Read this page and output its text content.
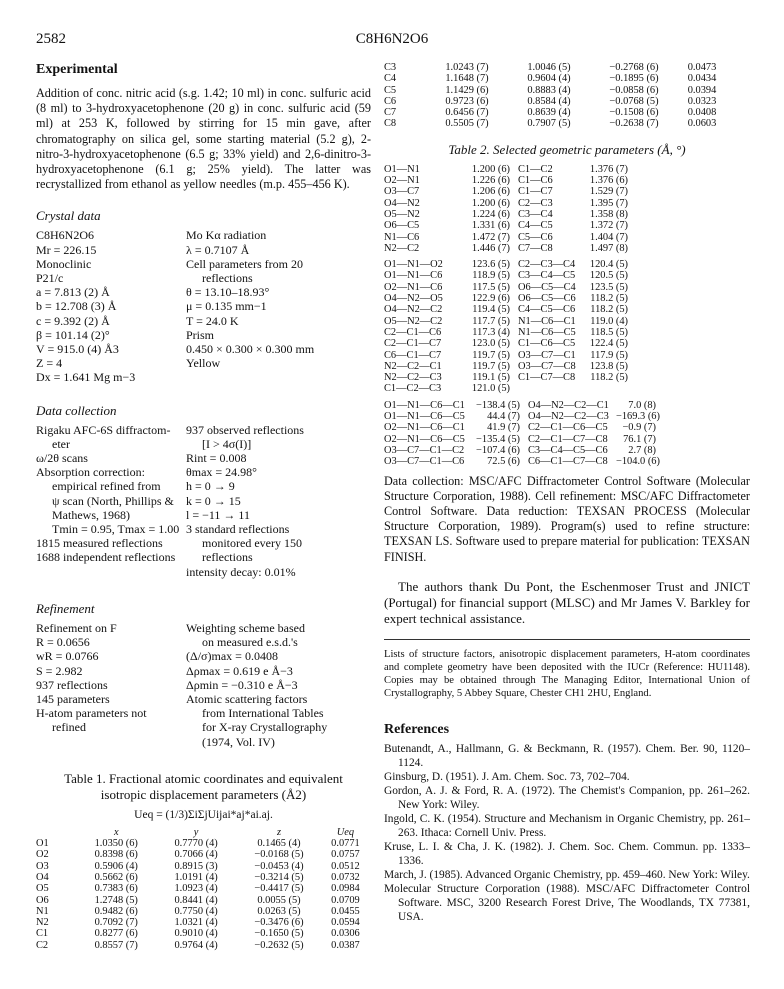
2582	C8H6N2O6
Experimental

Addition of conc. nitric acid (s.g. 1.42; 10 ml) in conc. sulfuric acid (8 ml) to 3-hydroxyacetophenone (20 g) in conc. sulfuric acid (59 ml) at 253 K, followed by stirring for 15 min gave, after chromatography on silica gel, some starting material (5.2 g), 2-nitro-3-hydroxyacetophenone (6.5 g; 33% yield) and 2,6-dinitro-3-hydroxyacetophenone (6.1 g; 25% yield). The latter was recrystallized from ethanol as yellow needles (m.p. 455–456 K).

Crystal data
C8H6N2O6
Mr = 226.15
Monoclinic
P21/c
a = 7.813 (2) Å
b = 12.708 (3) Å
c = 9.392 (2) Å
β = 101.14 (2)°
V = 915.0 (4) Å3
Z = 4
Dx = 1.641 Mg m−3
Mo Kα radiation
λ = 0.7107 Å
Cell parameters from 20
reflections
θ = 13.10–18.93°
μ = 0.135 mm−1
T = 24.0 K
Prism
0.450 × 0.300 × 0.300 mm
Yellow
Data collection
Rigaku AFC-6S diffractom-
eter
ω/2θ scans
Absorption correction:
empirical refined from
ψ scan (North, Phillips &
Mathews, 1968)
Tmin = 0.95, Tmax = 1.00
1815 measured reflections
1688 independent reflections
937 observed reflections
[I > 4σ(I)]
Rint = 0.008
θmax = 24.98°
h = 0 → 9
k = 0 → 15
l = −11 → 11
3 standard reflections
monitored every 150
reflections
intensity decay: 0.01%
Refinement
Refinement on F
R = 0.0656
wR = 0.0766
S = 2.982
937 reflections
145 parameters
H-atom parameters not
refined
Weighting scheme based
on measured e.s.d.'s
(Δ/σ)max = 0.0408
Δρmax = 0.619 e Å−3
Δρmin = −0.310 e Å−3
Atomic scattering factors
from International Tables
for X-ray Crystallography
(1974, Vol. IV)
Table 1. Fractional atomic coordinates and equivalent
isotropic displacement parameters (Å2)
Ueq = (1/3)ΣiΣjUijai*aj*ai.aj.
	x	y	z	Ueq
O1	1.0350 (6)	0.7770 (4)	0.1465 (4)	0.0771
O2	0.8398 (6)	0.7066 (4)	−0.0168 (5)	0.0757
O3	0.5906 (4)	0.8915 (3)	−0.0453 (4)	0.0512
O4	0.5662 (6)	1.0191 (4)	−0.3214 (5)	0.0732
O5	0.7383 (6)	1.0923 (4)	−0.4417 (5)	0.0984
O6	1.2748 (5)	0.8441 (4)	0.0055 (5)	0.0709
N1	0.9482 (6)	0.7750 (4)	0.0263 (5)	0.0455
N2	0.7092 (7)	1.0321 (4)	−0.3476 (6)	0.0594
C1	0.8277 (6)	0.9010 (4)	−0.1650 (5)	0.0306
C2	0.8557 (7)	0.9764 (4)	−0.2632 (5)	0.0387
C3	1.0243 (7)	1.0046 (5)	−0.2768 (6)	0.0473
C4	1.1648 (7)	0.9604 (4)	−0.1895 (6)	0.0434
C5	1.1429 (6)	0.8883 (4)	−0.0858 (6)	0.0394
C6	0.9723 (6)	0.8584 (4)	−0.0768 (5)	0.0323
C7	0.6456 (7)	0.8639 (4)	−0.1508 (6)	0.0408
C8	0.5505 (7)	0.7907 (5)	−0.2638 (7)	0.0603
Table 2. Selected geometric parameters (Å, °)
O1—N1	1.200 (6) C1—C2	1.376 (7)
O2—N1	1.226 (6) C1—C6	1.376 (6)
O3—C7	1.206 (6) C1—C7	1.529 (7)
O4—N2	1.200 (6) C2—C3	1.395 (7)
O5—N2	1.224 (6) C3—C4	1.358 (8)
O6—C5	1.331 (6) C4—C5	1.372 (7)
N1—C6	1.472 (7) C5—C6	1.404 (7)
N2—C2	1.446 (7) C7—C8	1.497 (8)
O1—N1—O2	123.6 (5) C2—C3—C4	120.4 (5)
O1—N1—C6	118.9 (5) C3—C4—C5	120.5 (5)
O2—N1—C6	117.5 (5) O6—C5—C4	123.5 (5)
O4—N2—O5	122.9 (6) O6—C5—C6	118.2 (5)
O4—N2—C2	119.4 (5) C4—C5—C6	118.2 (5)
O5—N2—C2	117.7 (5) N1—C6—C1	119.0 (4)
C2—C1—C6	117.3 (4) N1—C6—C5	118.5 (5)
C2—C1—C7	123.0 (5) C1—C6—C5	122.4 (5)
C6—C1—C7	119.7 (5) O3—C7—C1	117.9 (5)
N2—C2—C1	119.7 (5) O3—C7—C8	123.8 (5)
N2—C2—C3	119.1 (5) C1—C7—C8	118.2 (5)
C1—C2—C3	121.0 (5)
O1—N1—C6—C1	−138.4 (5) O4—N2—C2—C1	7.0 (8)
O1—N1—C6—C5	44.4 (7) O4—N2—C2—C3 −169.3 (6)
O2—N1—C6—C1	41.9 (7) C2—C1—C6—C5	−0.9 (7)
O2—N1—C6—C5	−135.4 (5) C2—C1—C7—C8	76.1 (7)
O3—C7—C1—C2	−107.4 (6) C3—C4—C5—C6	2.7 (8)
O3—C7—C1—C6	72.5 (6) C6—C1—C7—C8 −104.0 (6)

Data collection: MSC/AFC Diffractometer Control Software (Molecular Structure Corporation, 1988). Cell refinement: MSC/AFC Diffractometer Control Software. Data reduction: TEXSAN PROCESS (Molecular Structure Corporation, 1989). Program(s) used to refine structure: TEXSAN LS. Software used to prepare material for publication: TEXSAN FINISH.

The authors thank Du Pont, the Eschenmoser Trust and JNICT (Portugal) for financial support (MLSC) and Mr James V. Barkley for expert technical assistance.

Lists of structure factors, anisotropic displacement parameters, H-atom coordinates and complete geometry have been deposited with the IUCr (Reference: HU1148). Copies may be obtained through The Managing Editor, International Union of Crystallography, 5 Abbey Square, Chester CH1 2HU, England.

References

Butenandt, A., Hallmann, G. & Beckmann, R. (1957). Chem. Ber. 90, 1120–1124.

Ginsburg, D. (1951). J. Am. Chem. Soc. 73, 702–704.

Gordon, A. J. & Ford, R. A. (1972). The Chemist's Companion, pp. 261–262. New York: Wiley.

Ingold, C. K. (1954). Structure and Mechanism in Organic Chemistry, pp. 261–263. Ithaca: Cornell Univ. Press.

Kruse, L. I. & Cha, J. K. (1982). J. Chem. Soc. Chem. Commun. pp. 1333–1336.

March, J. (1985). Advanced Organic Chemistry, pp. 459–460. New York: Wiley.

Molecular Structure Corporation (1988). MSC/AFC Diffractometer Control Software. MSC, 3200 Research Forest Drive, The Woodlands, TX 77381, USA.
